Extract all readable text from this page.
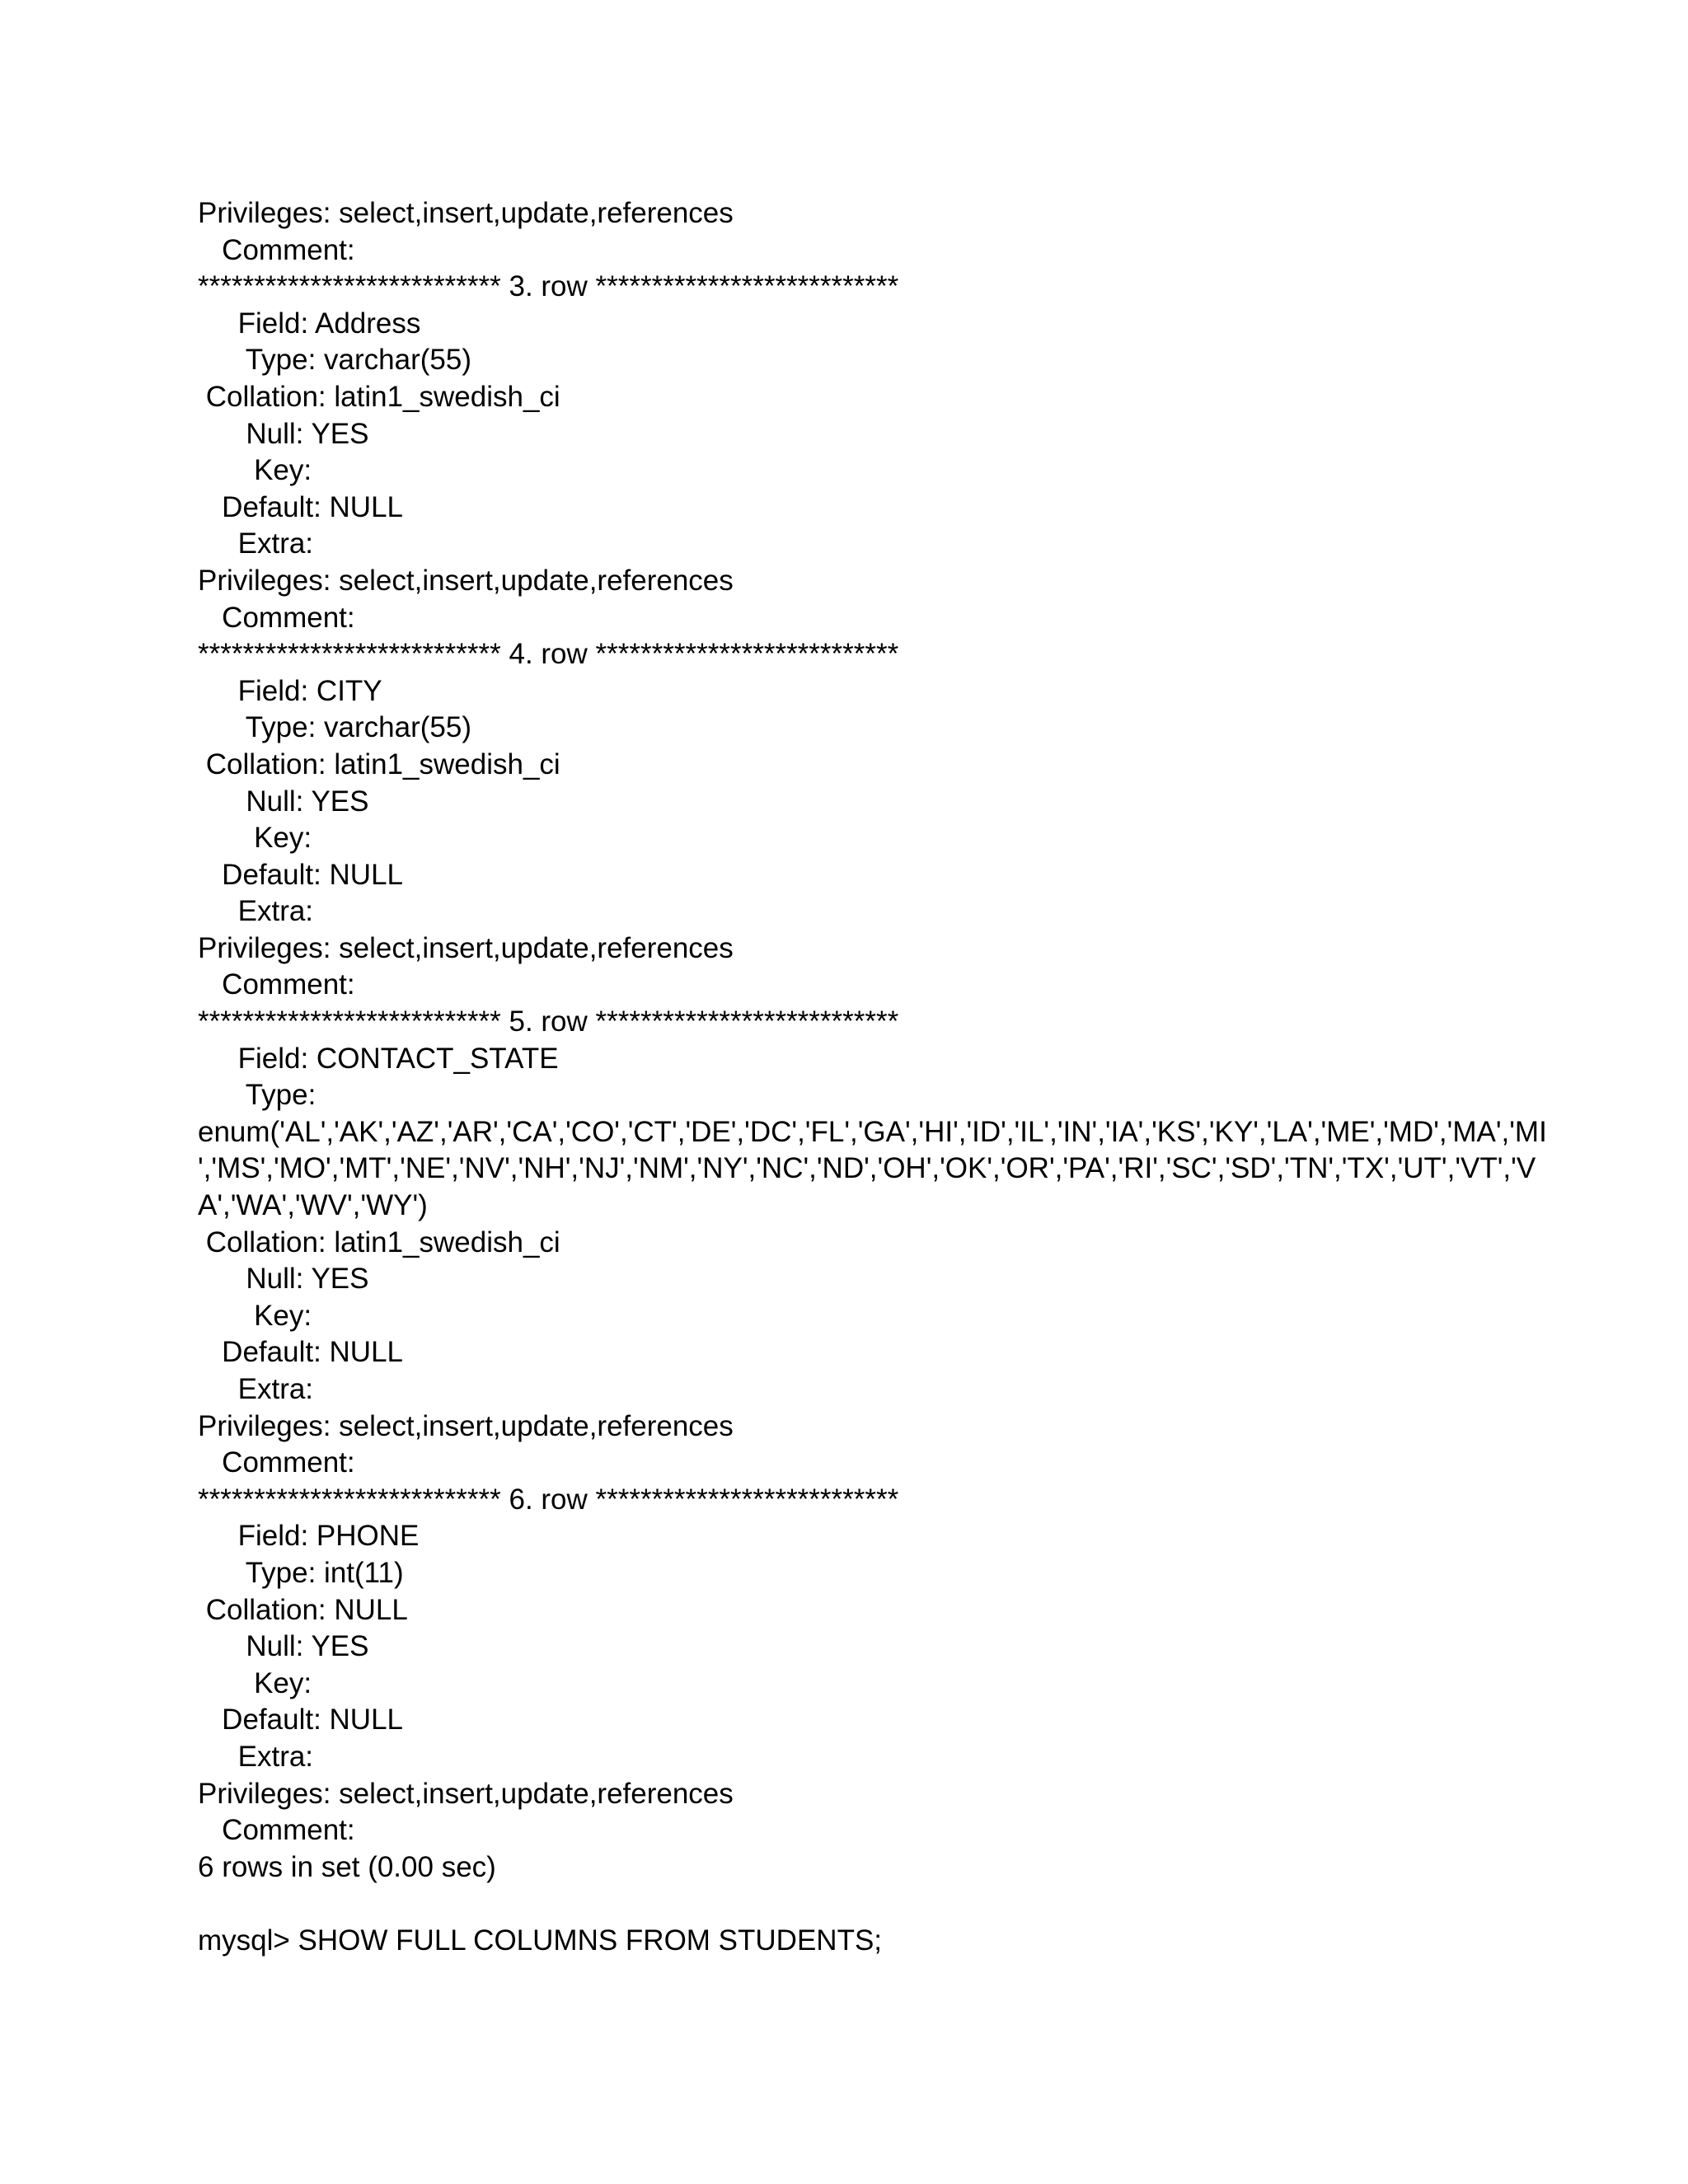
Privileges: select,insert,update,references
Comment:
*************************** 3. row ***************************
Field: Address
Type: varchar(55)
Collation: latin1_swedish_ci
Null: YES
Key:
Default: NULL
Extra:
Privileges: select,insert,update,references
Comment:
*************************** 4. row ***************************
Field: CITY
Type: varchar(55)
Collation: latin1_swedish_ci
Null: YES
Key:
Default: NULL
Extra:
Privileges: select,insert,update,references
Comment:
*************************** 5. row ***************************
Field: CONTACT_STATE
Type:
enum('AL','AK','AZ','AR','CA','CO','CT','DE','DC','FL','GA','HI','ID','IL','IN','IA','KS','KY','LA','ME','MD','MA','MI
','MS','MO','MT','NE','NV','NH','NJ','NM','NY','NC','ND','OH','OK','OR','PA','RI','SC','SD','TN','TX','UT','VT','V
A','WA','WV','WY')
Collation: latin1_swedish_ci
Null: YES
Key:
Default: NULL
Extra:
Privileges: select,insert,update,references
Comment:
*************************** 6. row ***************************
Field: PHONE
Type: int(11)
Collation: NULL
Null: YES
Key:
Default: NULL
Extra:
Privileges: select,insert,update,references
Comment:
6 rows in set (0.00 sec)
mysql> SHOW FULL COLUMNS FROM STUDENTS;
